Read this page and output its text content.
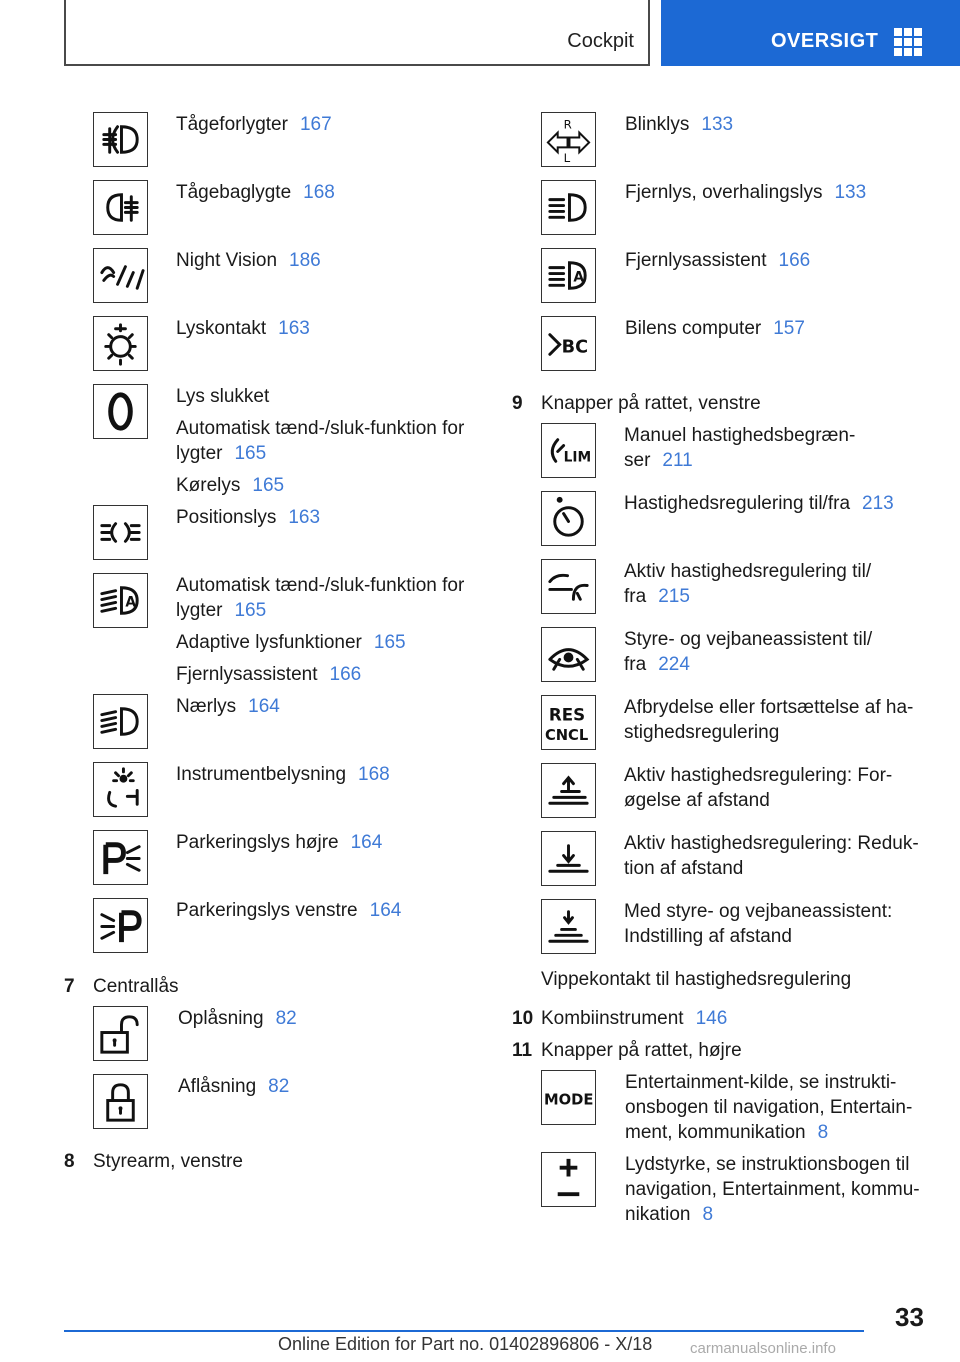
Cockpit	OVERSIGT

Tågeforlygter 167

Tågebaglygte 168

Night Vision 186

Lyskontakt 163

Lys slukket

Automatisk tænd-/sluk-funktion for lygter 165

Kørelys 165

Positionslys 163

A

Automatisk tænd-/sluk-funktion for lygter 165

Adaptive lysfunktioner 165

Fjernlysassistent 166

Nærlys 164

Instrumentbelysning 168

Parkeringslys højre 164

Parkeringslys venstre 164

Oplåsning 82

Aflåsning 82

7 Centrallås
8 Styrearm, venstre
R
L

Blinklys 133

Fjernlys, overhalingslys 133

A

Fjernlysassistent 166

BC

Bilens computer 157

LIM

Manuel hastighedsbegræn-
ser 211

Hastighedsregulering til/fra 213

Aktiv hastighedsregulering til/
fra 215

Styre- og vejbaneassistent til/
fra 224

RES
CNCL

Afbrydelse eller fortsættelse af ha-
stighedsregulering

Aktiv hastighedsregulering: For-
øgelse af afstand

Aktiv hastighedsregulering: Reduk-
tion af afstand

Med styre- og vejbaneassistent:
Indstilling af afstand

MODE

Entertainment-kilde, se instrukti-
onsbogen til navigation, Entertain-
ment, kommunikation 8

Lydstyrke, se instruktionsbogen til
navigation, Entertainment, kommu-
nikation 8

9 Knapper på rattet, venstre
Vippekontakt til hastighedsregulering
10 Kombiinstrument 146
11 Knapper på rattet, højre
33
Online Edition for Part no. 01402896806 - X/18	carmanualsonline.info
